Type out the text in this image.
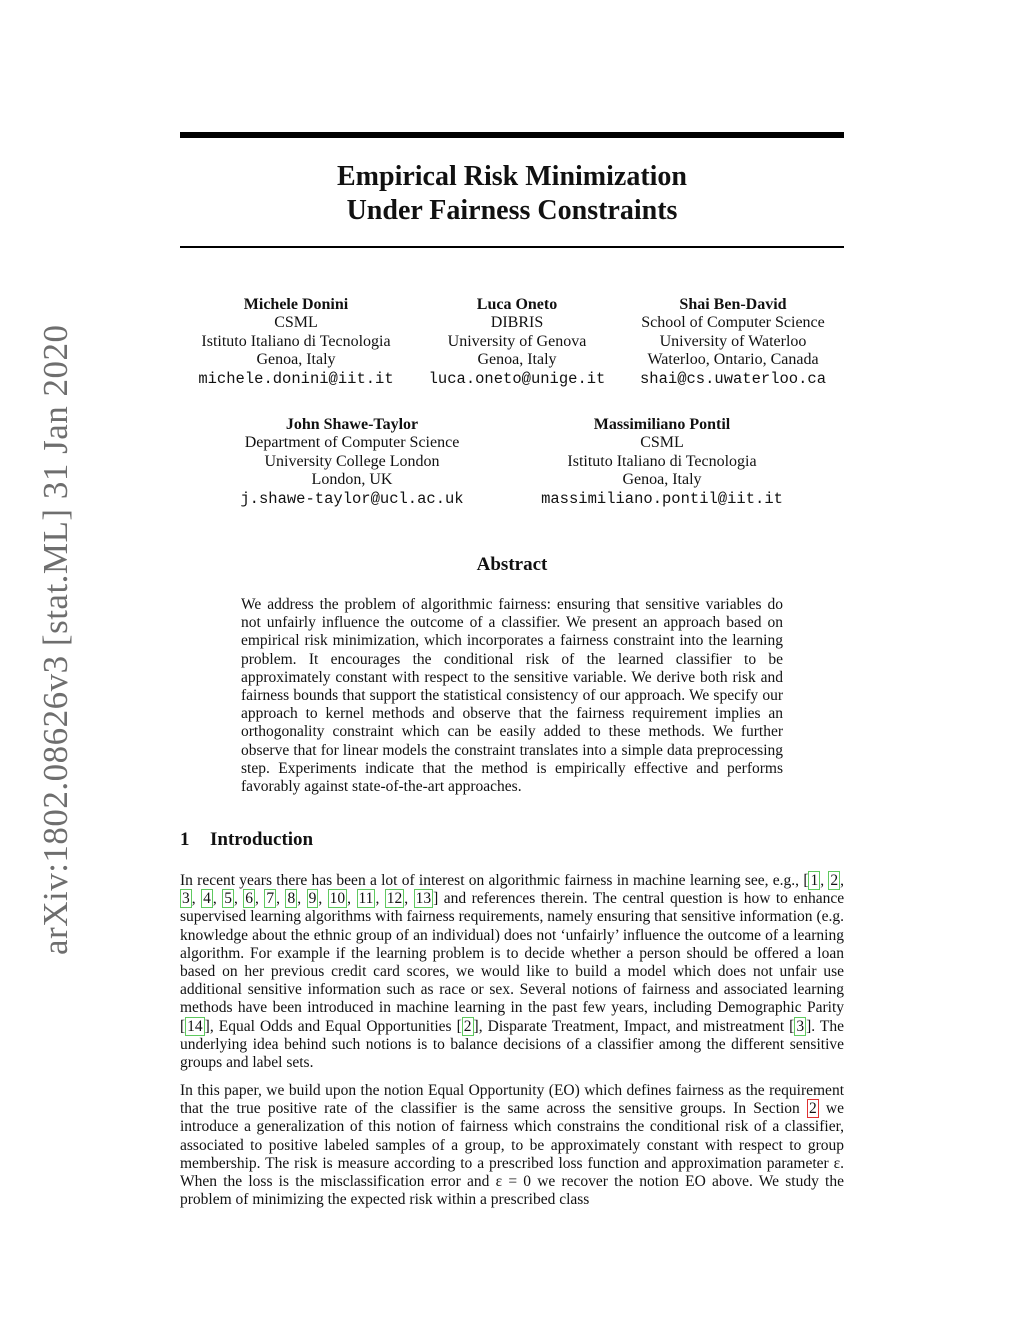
arXiv:1802.08626v3 [stat.ML] 31 Jan 2020
Empirical Risk Minimization
Under Fairness Constraints
Michele Donini
CSML
Istituto Italiano di Tecnologia
Genoa, Italy
michele.donini@iit.it
Luca Oneto
DIBRIS
University of Genova
Genoa, Italy
luca.oneto@unige.it
Shai Ben-David
School of Computer Science
University of Waterloo
Waterloo, Ontario, Canada
shai@cs.uwaterloo.ca
John Shawe-Taylor
Department of Computer Science
University College London
London, UK
j.shawe-taylor@ucl.ac.uk
Massimiliano Pontil
CSML
Istituto Italiano di Tecnologia
Genoa, Italy
massimiliano.pontil@iit.it
Abstract

We address the problem of algorithmic fairness: ensuring that sensitive variables do not unfairly influence the outcome of a classifier. We present an approach based on empirical risk minimization, which incorporates a fairness constraint into the learning problem. It encourages the conditional risk of the learned classifier to be approximately constant with respect to the sensitive variable. We derive both risk and fairness bounds that support the statistical consistency of our approach. We specify our approach to kernel methods and observe that the fairness requirement implies an orthogonality constraint which can be easily added to these methods. We further observe that for linear models the constraint translates into a simple data preprocessing step. Experiments indicate that the method is empirically effective and performs favorably against state-of-the-art approaches.

1 Introduction

In recent years there has been a lot of interest on algorithmic fairness in machine learning see, e.g., [ 1 , 2 , 3 , 4 , 5 , 6 , 7 , 8 , 9 , 10 , 11 , 12 , 13 ] and references therein. The central question is how to enhance supervised learning algorithms with fairness requirements, namely ensuring that sensitive information (e.g. knowledge about the ethnic group of an individual) does not ‘unfairly’ influence the outcome of a learning algorithm. For example if the learning problem is to decide whether a person should be offered a loan based on her previous credit card scores, we would like to build a model which does not unfair use additional sensitive information such as race or sex. Several notions of fairness and associated learning methods have been introduced in machine learning in the past few years, including Demographic Parity [ 14 ], Equal Odds and Equal Opportunities [ 2 ], Disparate Treatment, Impact, and mistreatment [ 3 ]. The underlying idea behind such notions is to balance decisions of a classifier among the different sensitive groups and label sets.

In this paper, we build upon the notion Equal Opportunity (EO) which defines fairness as the requirement that the true positive rate of the classifier is the same across the sensitive groups. In Section 2 we introduce a generalization of this notion of fairness which constrains the conditional risk of a classifier, associated to positive labeled samples of a group, to be approximately constant with respect to group membership. The risk is measure according to a prescribed loss function and approximation parameter ε. When the loss is the misclassification error and ε = 0 we recover the notion EO above. We study the problem of minimizing the expected risk within a prescribed class
